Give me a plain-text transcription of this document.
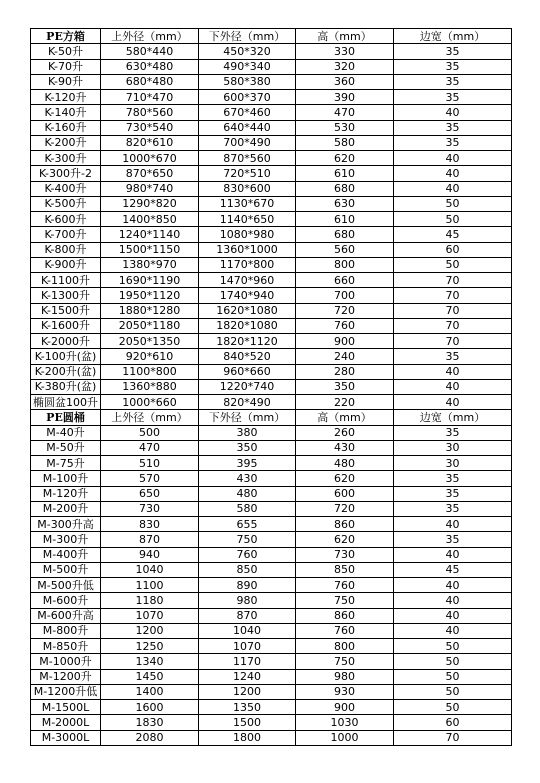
PE方箱	上外径（mm）	下外径（mm）	高（mm）	边宽（mm）
K-50升	580*440	450*320	330	35
K-70升	630*480	490*340	320	35
K-90升	680*480	580*380	360	35
K-120升	710*470	600*370	390	35
K-140升	780*560	670*460	470	40
K-160升	730*540	640*440	530	35
K-200升	820*610	700*490	580	35
K-300升	1000*670	870*560	620	40
K-300升-2	870*650	720*510	610	40
K-400升	980*740	830*600	680	40
K-500升	1290*820	1130*670	630	50
K-600升	1400*850	1140*650	610	50
K-700升	1240*1140	1080*980	680	45
K-800升	1500*1150	1360*1000	560	60
K-900升	1380*970	1170*800	800	50
K-1100升	1690*1190	1470*960	660	70
K-1300升	1950*1120	1740*940	700	70
K-1500升	1880*1280	1620*1080	720	70
K-1600升	2050*1180	1820*1080	760	70
K-2000升	2050*1350	1820*1120	900	70
K-100升(盆)	920*610	840*520	240	35
K-200升(盆)	1100*800	960*660	280	40
K-380升(盆)	1360*880	1220*740	350	40
椭圆盆100升	1000*660	820*490	220	40
PE圆桶	上外径（mm）	下外径（mm）	高（mm）	边宽（mm）
M-40升	500	380	260	35
M-50升	470	350	430	30
M-75升	510	395	480	30
M-100升	570	430	620	35
M-120升	650	480	600	35
M-200升	730	580	720	35
M-300升高	830	655	860	40
M-300升	870	750	620	35
M-400升	940	760	730	40
M-500升	1040	850	850	45
M-500升低	1100	890	760	40
M-600升	1180	980	750	40
M-600升高	1070	870	860	40
M-800升	1200	1040	760	40
M-850升	1250	1070	800	50
M-1000升	1340	1170	750	50
M-1200升	1450	1240	980	50
M-1200升低	1400	1200	930	50
M-1500L	1600	1350	900	50
M-2000L	1830	1500	1030	60
M-3000L	2080	1800	1000	70
